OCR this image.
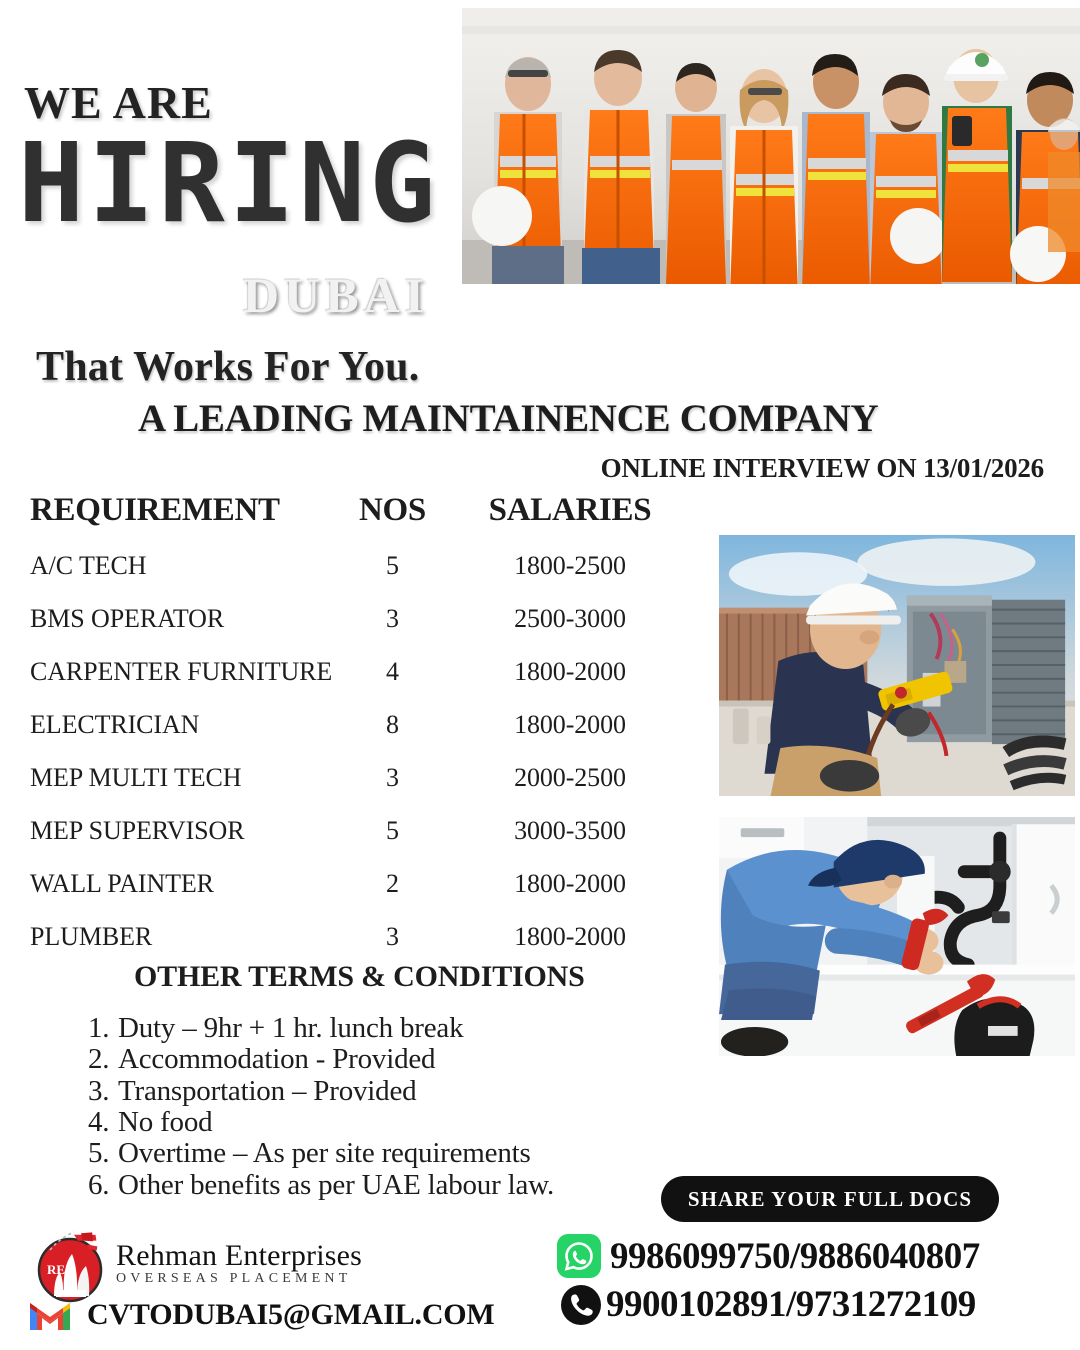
WE ARE
HIRING
DUBAI
That Works For You.
A LEADING MAINTAINENCE COMPANY
ONLINE INTERVIEW ON 13/01/2026
REQUIREMENT	NOS	SALARIES
A/C TECH	5	1800-2500
BMS OPERATOR	3	2500-3000
CARPENTER FURNITURE	4	1800-2000
ELECTRICIAN	8	1800-2000
MEP MULTI TECH	3	2000-2500
MEP SUPERVISOR	5	3000-3500
WALL PAINTER	2	1800-2000
PLUMBER	3	1800-2000
OTHER TERMS & CONDITIONS
1. Duty – 9hr + 1 hr. lunch break
2. Accommodation - Provided
3. Transportation – Provided
4. No food
5. Overtime – As per site requirements
6. Other benefits as per UAE labour law.	SHARE YOUR FULL DOCS
9986099750/9886040807
9900102891/9731272109
RE Rehman Enterprises
OVERSEAS PLACEMENT
CVTODUBAI5@GMAIL.COM
